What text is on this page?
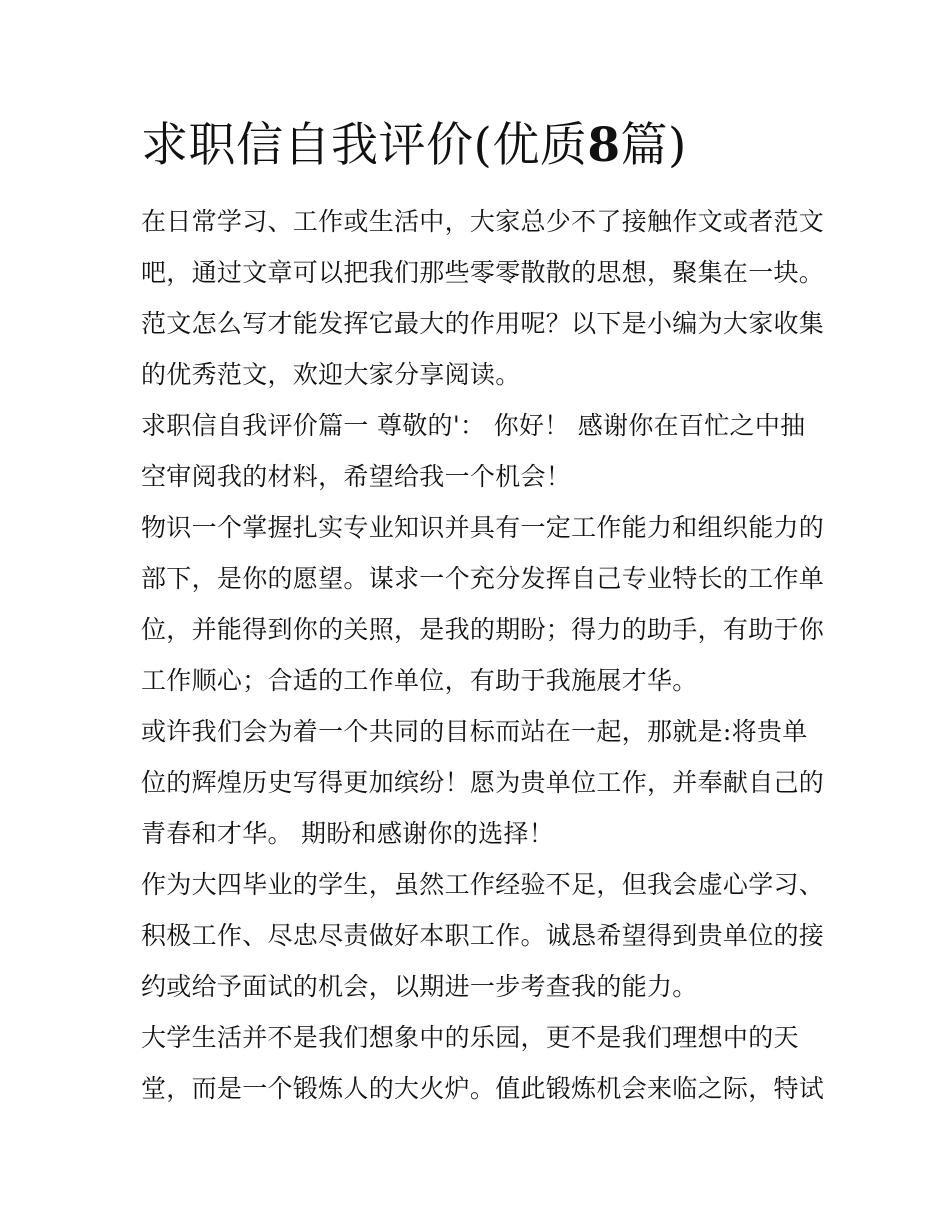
求职信自我评价(优质8篇)

在日常学习、工作或生活中，大家总少不了接触作文或者范文

吧，通过文章可以把我们那些零零散散的思想，聚集在一块。

范文怎么写才能发挥它最大的作用呢？以下是小编为大家收集

的优秀范文，欢迎大家分享阅读。

求职信自我评价篇一 尊敬的'： 你好！ 感谢你在百忙之中抽

空审阅我的材料，希望给我一个机会！

物识一个掌握扎实专业知识并具有一定工作能力和组织能力的

部下，是你的愿望。谋求一个充分发挥自己专业特长的工作单

位，并能得到你的关照，是我的期盼；得力的助手，有助于你

工作顺心；合适的工作单位，有助于我施展才华。

或许我们会为着一个共同的目标而站在一起，那就是:将贵单

位的辉煌历史写得更加缤纷！愿为贵单位工作，并奉献自己的

青春和才华。 期盼和感谢你的选择！

作为大四毕业的学生，虽然工作经验不足，但我会虚心学习、

积极工作、尽忠尽责做好本职工作。诚恳希望得到贵单位的接

约或给予面试的机会，以期进一步考查我的能力。

大学生活并不是我们想象中的乐园，更不是我们理想中的天

堂，而是一个锻炼人的大火炉。值此锻炼机会来临之际，特试
